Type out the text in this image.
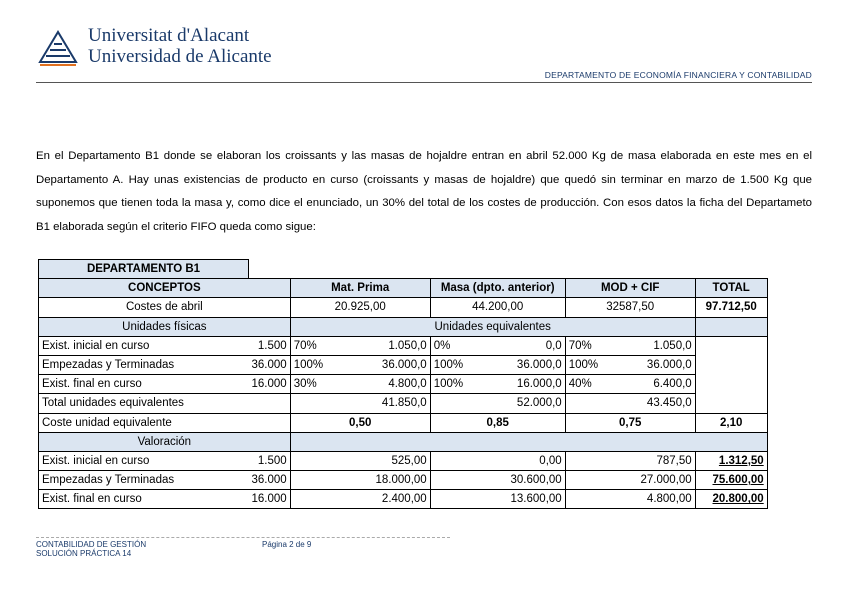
Universitat d'Alacant
Universidad de Alicante
DEPARTAMENTO DE ECONOMÍA FINANCIERA Y CONTABILIDAD
En el Departamento B1 donde se elaboran los croissants y las masas de hojaldre entran en abril 52.000 Kg de masa elaborada en este mes en el Departamento A. Hay unas existencias de producto en curso (croissants y masas de hojaldre) que quedó sin terminar en marzo de 1.500 Kg que suponemos que tienen toda la masa y, como dice el enunciado, un 30% del total de los costes de producción. Con esos datos la ficha del Departameto B1 elaborada según el criterio FIFO queda como sigue:
DEPARTAMENTO B1								
CONCEPTOS		Mat. Prima		Masa (dpto. anterior)		MOD + CIF		TOTAL
Costes de abril		20.925,00		44.200,00		32587,50		97.712,50
Unidades físicas		Unidades equivalentes						
Exist. inicial en curso	1.500	70%	1.050,0	0%	0,0	70%	1.050,0	
Empezadas y Terminadas	36.000	100%	36.000,0	100%	36.000,0	100%	36.000,0	
Exist. final en curso	16.000	30%	4.800,0	100%	16.000,0	40%	6.400,0	
Total unidades equivalentes		41.850,0		52.000,0		43.450,0		
Coste unidad equivalente		0,50		0,85		0,75		2,10
Valoración								
Exist. inicial en curso	1.500	525,00		0,00		787,50		1.312,50
Empezadas y Terminadas	36.000	18.000,00		30.600,00		27.000,00		75.600,00
Exist. final en curso	16.000	2.400,00		13.600,00		4.800,00		20.800,00
CONTABILIDAD DE GESTIÓN
SOLUCIÓN PRÁCTICA 14
Página 2 de 9
